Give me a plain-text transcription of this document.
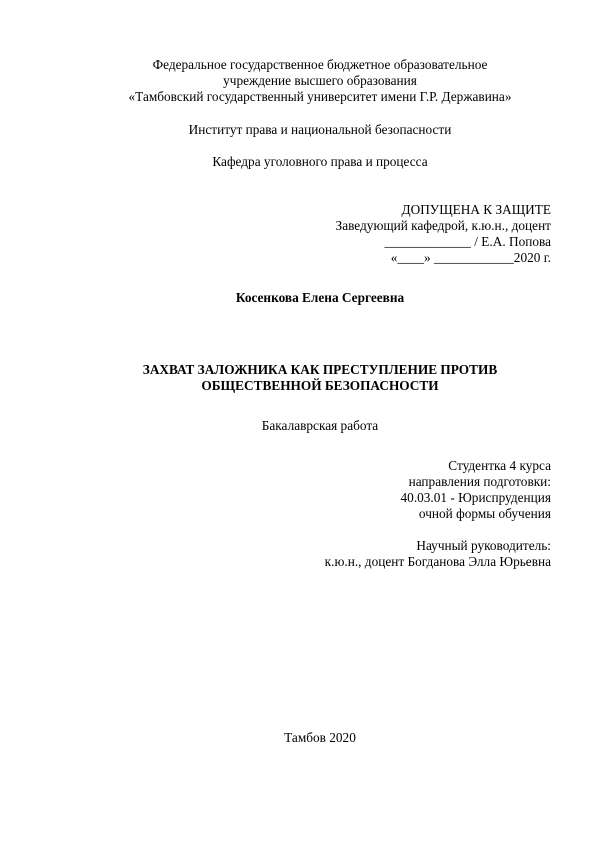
Федеральное государственное бюджетное образовательное
учреждение высшего образования
«Тамбовский государственный университет имени Г.Р. Державина»
Институт права и национальной безопасности
Кафедра уголовного права и процесса
ДОПУЩЕНА К ЗАЩИТЕ
Заведующий кафедрой, к.ю.н., доцент
_____________ / Е.А. Попова
«____» ____________2020 г.
Косенкова Елена Сергеевна
ЗАХВАТ ЗАЛОЖНИКА КАК ПРЕСТУПЛЕНИЕ ПРОТИВ
ОБЩЕСТВЕННОЙ БЕЗОПАСНОСТИ
Бакалаврская работа
Студентка 4 курса
направления подготовки:
40.03.01 - Юриспруденция
очной формы обучения
Научный руководитель:
к.ю.н., доцент Богданова Элла Юрьевна
Тамбов 2020
